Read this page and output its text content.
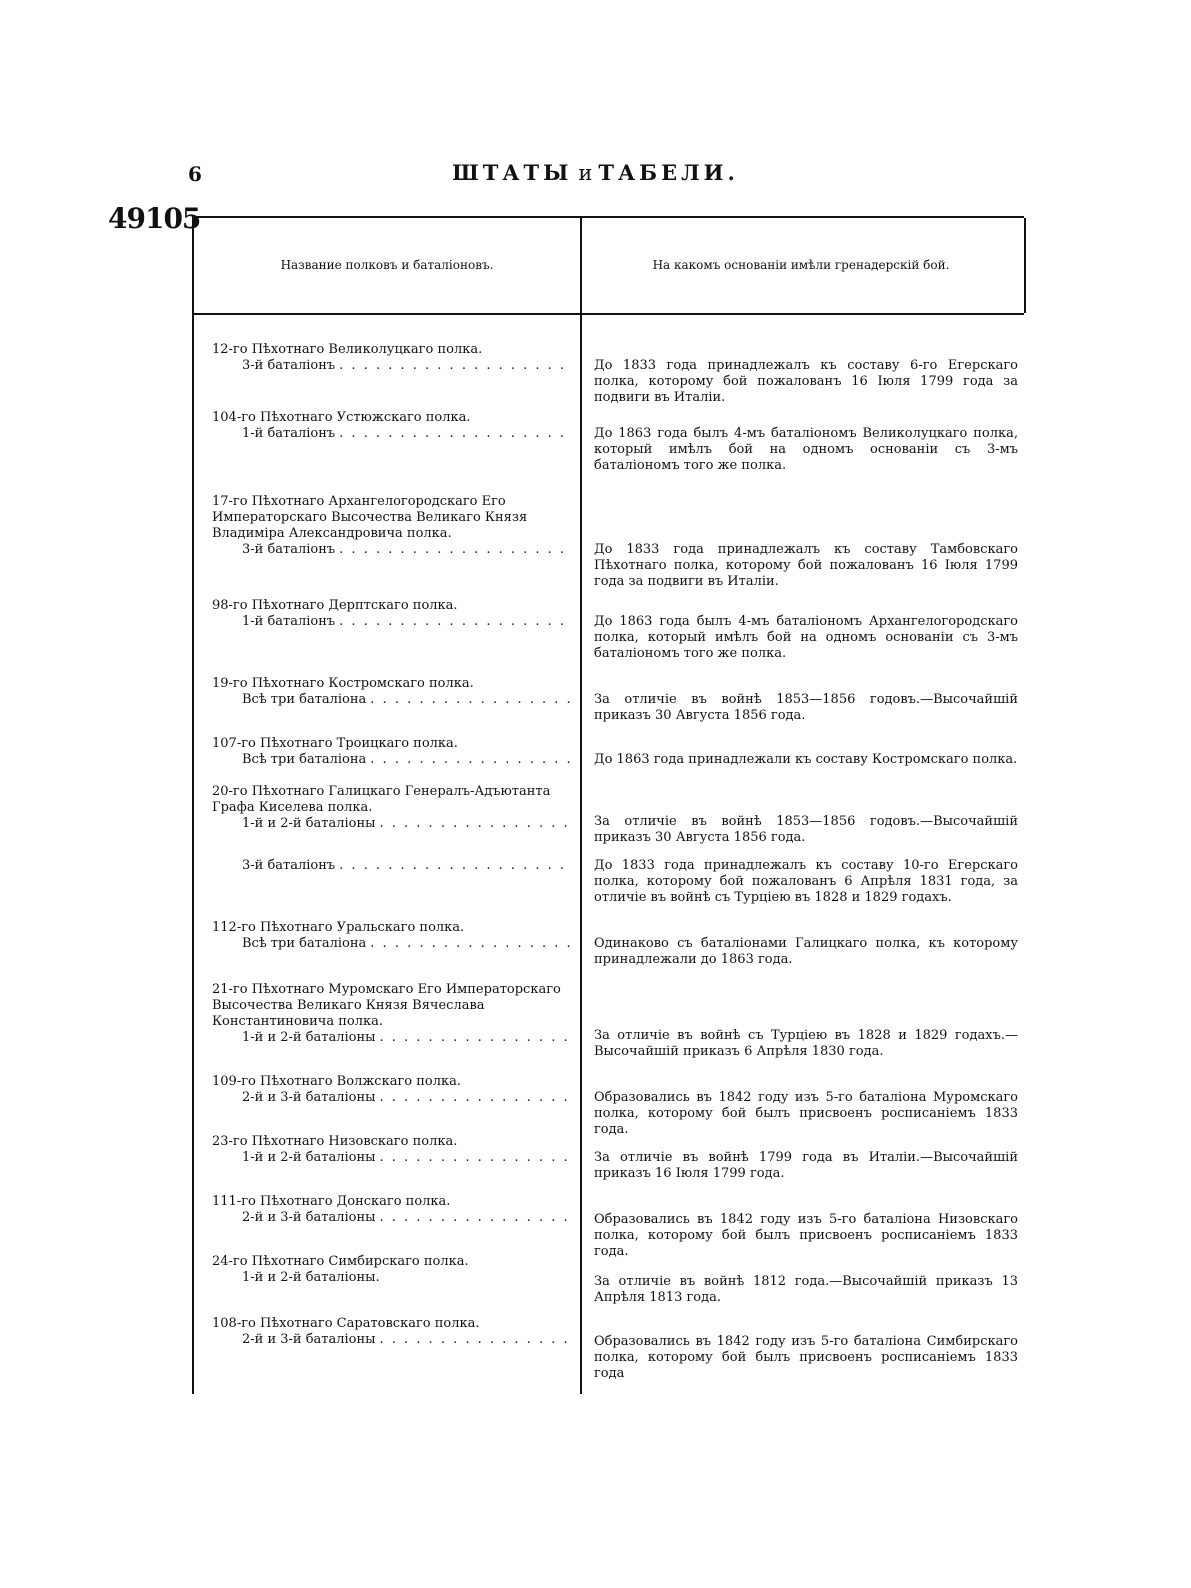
6	ШТАТЫ и ТАБЕЛИ.
49105
Название полковъ и баталіоновъ.	На какомъ основаніи имѣли гренадерскій бой.
12-го Пѣхотнаго Великолуцкаго полка.
3-й баталіонъ . . .	До 1833 года принадлежалъ къ составу 6-го Егерскаго полка, которому бой пожалованъ 16 Іюля 1799 года за подвиги въ Италіи.
104-го Пѣхотнаго Устюжскаго полка.
1-й баталіонъ . . .	До 1863 года былъ 4-мъ баталіономъ Великолуцкаго полка, который имѣлъ бой на одномъ основаніи съ 3-мъ баталіономъ того же полка.
17-го Пѣхотнаго Архангелогородскаго Его Императорскаго Высочества Великаго Князя Владиміра Александровича полка.
3-й баталіонъ . . .	До 1833 года принадлежалъ къ составу Тамбовскаго Пѣхотнаго полка, которому бой пожалованъ 16 Іюля 1799 года за подвиги въ Италіи.
98-го Пѣхотнаго Дерптскаго полка.
1-й баталіонъ . . .	До 1863 года былъ 4-мъ баталіономъ Архангелогородскаго полка, который имѣлъ бой на одномъ основаніи съ 3-мъ баталіономъ того же полка.
19-го Пѣхотнаго Костромскаго полка.
Всѣ три баталіона . . .	За отличіе въ войнѣ 1853—1856 годовъ.—Высочайшій приказъ 30 Августа 1856 года.
107-го Пѣхотнаго Троицкаго полка.
Всѣ три баталіона . . .	До 1863 года принадлежали къ составу Костромскаго полка.
20-го Пѣхотнаго Галицкаго Генералъ-Адъютанта Графа Киселева полка.
1-й и 2-й баталіоны . . .	За отличіе въ войнѣ 1853—1856 годовъ.—Высочайшій приказъ 30 Августа 1856 года.
3-й баталіонъ . . .	До 1833 года принадлежалъ къ составу 10-го Егерскаго полка, которому бой пожалованъ 6 Апрѣля 1831 года, за отличіе въ войнѣ съ Турціею въ 1828 и 1829 годахъ.
112-го Пѣхотнаго Уральскаго полка.
Всѣ три баталіона . . .	Одинаково съ баталіонами Галицкаго полка, къ которому принадлежали до 1863 года.
21-го Пѣхотнаго Муромскаго Его Императорскаго Высочества Великаго Князя Вячеслава Константиновича полка.
1-й и 2-й баталіоны . . .	За отличіе въ войнѣ съ Турціею въ 1828 и 1829 годахъ.—Высочайшій приказъ 6 Апрѣля 1830 года.
109-го Пѣхотнаго Волжскаго полка.
2-й и 3-й баталіоны . . .	Образовались въ 1842 году изъ 5-го баталіона Муромскаго полка, которому бой былъ присвоенъ росписаніемъ 1833 года.
23-го Пѣхотнаго Низовскаго полка.
1-й и 2-й баталіоны . . .	За отличіе въ войнѣ 1799 года въ Италіи.—Высочайшій приказъ 16 Іюля 1799 года.
111-го Пѣхотнаго Донскаго полка.
2-й и 3-й баталіоны . . .	Образовались въ 1842 году изъ 5-го баталіона Низовскаго полка, которому бой былъ присвоенъ росписаніемъ 1833 года.
24-го Пѣхотнаго Симбирскаго полка.
1-й и 2-й баталіоны.	За отличіе въ войнѣ 1812 года.—Высочайшій приказъ 13 Апрѣля 1813 года.
108-го Пѣхотнаго Саратовскаго полка.
2-й и 3-й баталіоны . . .	Образовались въ 1842 году изъ 5-го баталіона Симбирскаго полка, которому бой былъ присвоенъ росписаніемъ 1833 года
